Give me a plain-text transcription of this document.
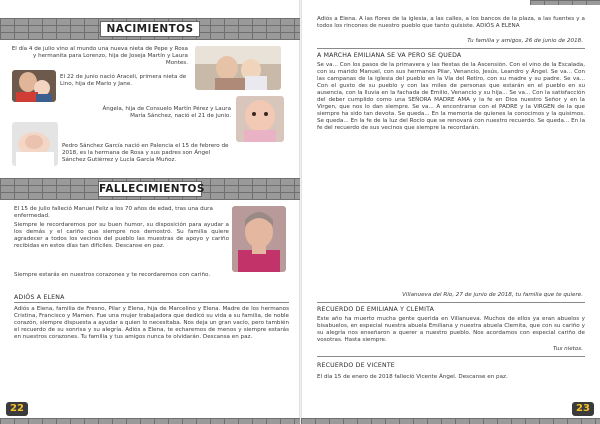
NACIMIENTOS
El día 4 de julio vino al mundo una nueva nieta de Pepe y Rosa y hermanita para Lorenzo, hija de Joseja Martín y Laura Montes.
El 22 de junio nació Araceli, primera nieta de Lino, hija de Mario y Jane.
Ángela, hija de Consuelo Martín Pérez y Laura María Sánchez, nació el 21 de junio.
Pedro Sánchez García nació en Palencia el 15 de febrero de 2018, es la hermana de Rosa y sus padres son Ángel Sánchez Gutiérrez y Lucía García Muñoz.
FALLECIMIENTOS
El 15 de julio falleció Manuel Feliz a los 70 años de edad, tras una dura enfermedad.
Siempre le recordaremos por su buen humor, su disposición para ayudar a los demás y el cariño que siempre nos demostró. Su familia quiere agradecer a todos los vecinos del pueblo las muestras de apoyo y cariño recibidas en estos días tan difíciles. Descanse en paz.
Siempre estarás en nuestros corazones y te recordaremos con cariño.
ADIÓS A ELENA
Adiós a Elena, familia de Fresno, Pilar y Elena, hija de Marcelino y Elena. Madre de los hermanos Cristina, Francisco y Mamen. Fue una mujer trabajadora que dedicó su vida a su familia, de noble corazón, siempre dispuesta a ayudar a quien lo necesitaba. Nos deja un gran vacío, pero también el recuerdo de su sonrisa y su alegría. Adiós a Elena, te echaremos de menos y siempre estarás en nuestros corazones. Tu familia y tus amigos nunca te olvidarán. Descansa en paz.
22
Adiós a Elena. A las flores de la iglesia, a las calles, a los bancos de la plaza, a las fuentes y a todos los rincones de nuestro pueblo que tanto quisiste. ADIÓS A ELENA
Tu familia y amigos, 26 de junio de 2018.
A MARCHA EMILIANA SE VA PERO SE QUEDA
Se va... Con los pasos de la primavera y las fiestas de la Ascensión. Con el vino de la Escalada, con su marido Manuel, con sus hermanos Pilar, Venancio, Jesús, Leandro y Ángel. Se va... Con las campanas de la iglesia del pueblo en la Vía del Retiro, con su madre y su padre. Se va... Con el gusto de su pueblo y con las miles de personas que estarán en el pueblo en su ausencia, con la lluvia en la fachada de Emilio, Venancio y su hija... Se va... Con la satisfacción del deber cumplido como una SEÑORA MADRE AMA y la fe en Dios nuestro Señor y en la Virgen, que nos lo dan siempre. Se va... A encontrarse con el PADRE y la VIRGEN de la que siempre ha sido tan devota. Se queda... En la memoria de quienes la conocimos y la quisimos. Se queda... En la fe de la luz del Rocío que se renovará con nuestro recuerdo. Se queda... En la fe del recuerdo de sus vecinos que siempre la recordarán.
Villanueva del Río, 27 de junio de 2018, tu familia que te quiere.
RECUERDO DE EMILIANA Y CLEMITA
Este año ha muerto mucha gente querida en Villanueva. Muchos de ellos ya eran abuelos y bisabuelos, en especial nuestra abuela Emiliana y nuestra abuela Clemita, que con su cariño y su alegría nos enseñaron a querer a nuestro pueblo. Nos acordamos con especial cariño de vosotras. Hasta siempre.
Tus nietos.
RECUERDO DE VICENTE
El día 15 de enero de 2018 falleció Vicente Ángel. Descanse en paz.
23
